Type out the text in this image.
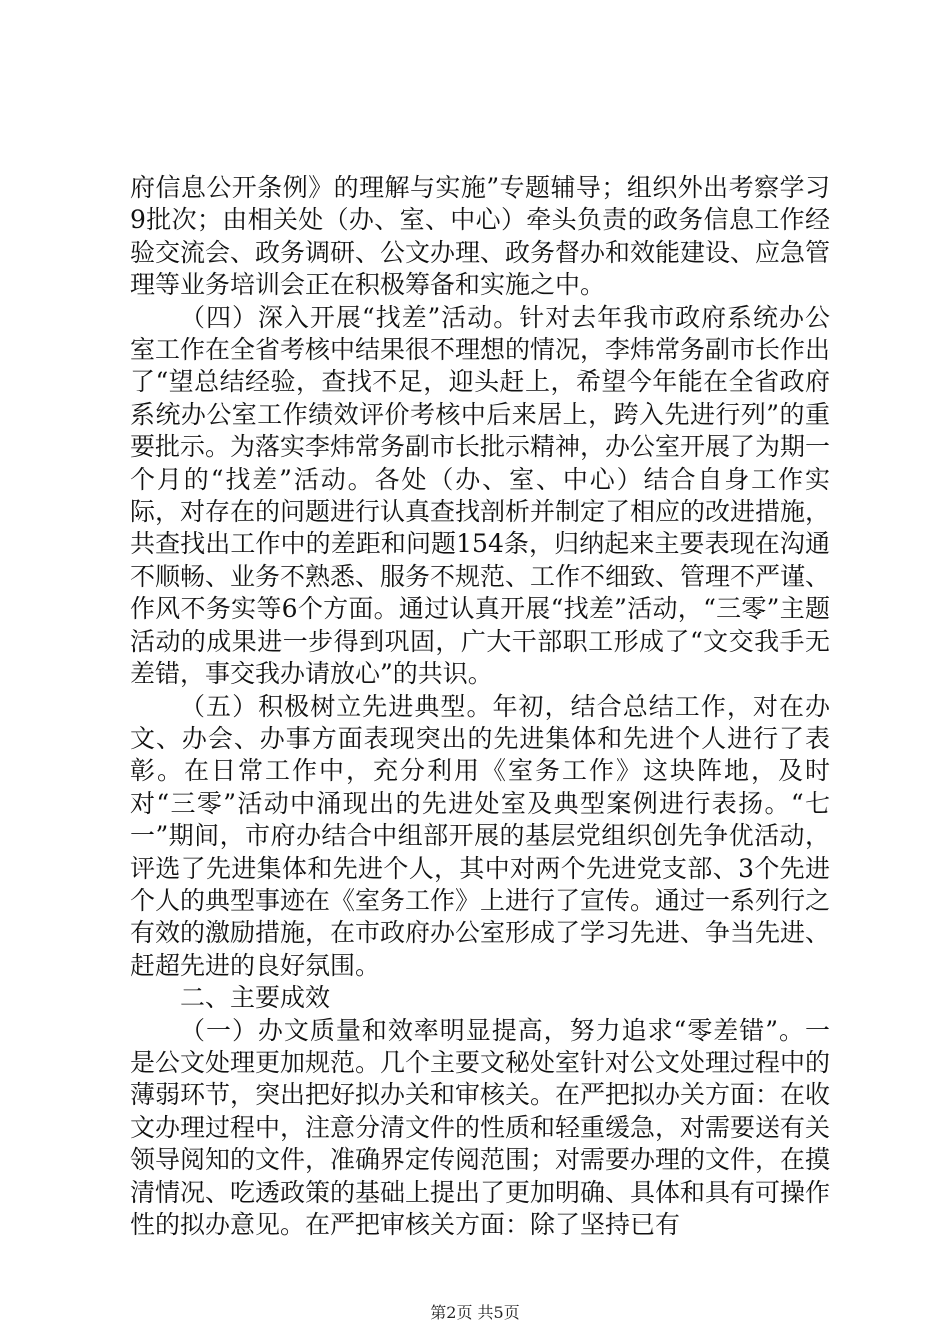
府信息公开条例》的理解与实施”专题辅导；组织外出考察学习9批次；由相关处（办、室、中心）牵头负责的政务信息工作经验交流会、政务调研、公文办理、政务督办和效能建设、应急管理等业务培训会正在积极筹备和实施之中。

（四）深入开展“找差”活动。针对去年我市政府系统办公室工作在全省考核中结果很不理想的情况，李炜常务副市长作出了“望总结经验，查找不足，迎头赶上，希望今年能在全省政府系统办公室工作绩效评价考核中后来居上，跨入先进行列”的重要批示。为落实李炜常务副市长批示精神，办公室开展了为期一个月的“找差”活动。各处（办、室、中心）结合自身工作实际，对存在的问题进行认真查找剖析并制定了相应的改进措施，共查找出工作中的差距和问题154条，归纳起来主要表现在沟通不顺畅、业务不熟悉、服务不规范、工作不细致、管理不严谨、作风不务实等6个方面。通过认真开展“找差”活动，“三零”主题活动的成果进一步得到巩固，广大干部职工形成了“文交我手无差错，事交我办请放心”的共识。

（五）积极树立先进典型。年初，结合总结工作，对在办文、办会、办事方面表现突出的先进集体和先进个人进行了表彰。在日常工作中，充分利用《室务工作》这块阵地，及时对“三零”活动中涌现出的先进处室及典型案例进行表扬。“七一”期间，市府办结合中组部开展的基层党组织创先争优活动，评选了先进集体和先进个人，其中对两个先进党支部、3个先进个人的典型事迹在《室务工作》上进行了宣传。通过一系列行之有效的激励措施，在市政府办公室形成了学习先进、争当先进、赶超先进的良好氛围。

二、主要成效

（一）办文质量和效率明显提高，努力追求“零差错”。一是公文处理更加规范。几个主要文秘处室针对公文处理过程中的薄弱环节，突出把好拟办关和审核关。在严把拟办关方面：在收文办理过程中，注意分清文件的性质和轻重缓急，对需要送有关领导阅知的文件，准确界定传阅范围；对需要办理的文件，在摸清情况、吃透政策的基础上提出了更加明确、具体和具有可操作性的拟办意见。在严把审核关方面：除了坚持已有

第2页 共5页
